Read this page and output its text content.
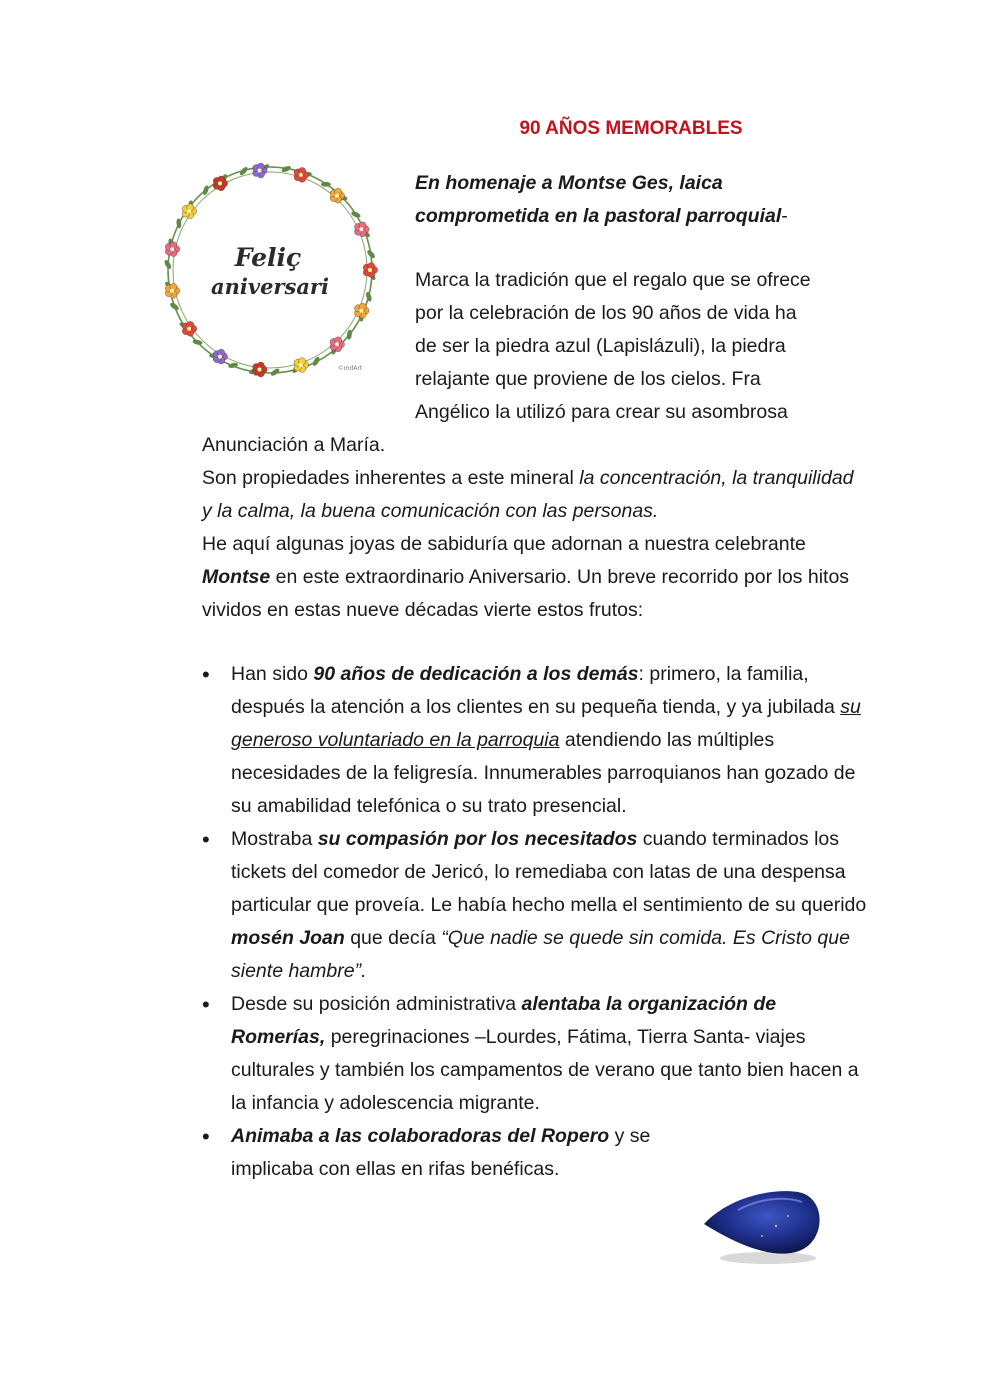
90 AÑOS MEMORABLES
Feliç
aniversari
©mdArt

En homenaje a Montse Ges, laica comprometida en la pastoral parroquial-

Marca la tradición que el regalo que se ofrece
por la celebración de los 90 años de vida ha
de ser la piedra azul (Lapislázuli), la piedra
relajante que proviene de los cielos. Fra
Angélico la utilizó para crear su asombrosa

Anunciación a María.
Son propiedades inherentes a este mineral la concentración, la tranquilidad y la calma, la buena comunicación con las personas.
He aquí algunas joyas de sabiduría que adornan a nuestra celebrante Montse en este extraordinario Aniversario. Un breve recorrido por los hitos vividos en estas nueve décadas vierte estos frutos:
• Han sido 90 años de dedicación a los demás: primero, la familia, después la atención a los clientes en su pequeña tienda, y ya jubilada su generoso voluntariado en la parroquia atendiendo las múltiples necesidades de la feligresía. Innumerables parroquianos han gozado de su amabilidad telefónica o su trato presencial.
• Mostraba su compasión por los necesitados cuando terminados los tickets del comedor de Jericó, lo remediaba con latas de una despensa particular que proveía. Le había hecho mella el sentimiento de su querido mosén Joan que decía “Que nadie se quede sin comida. Es Cristo que siente hambre”.
• Desde su posición administrativa alentaba la organización de Romerías, peregrinaciones –Lourdes, Fátima, Tierra Santa- viajes culturales y también los campamentos de verano que tanto bien hacen a la infancia y adolescencia migrante.
• Animaba a las colaboradoras del Ropero y se implicaba con ellas en rifas benéficas.
